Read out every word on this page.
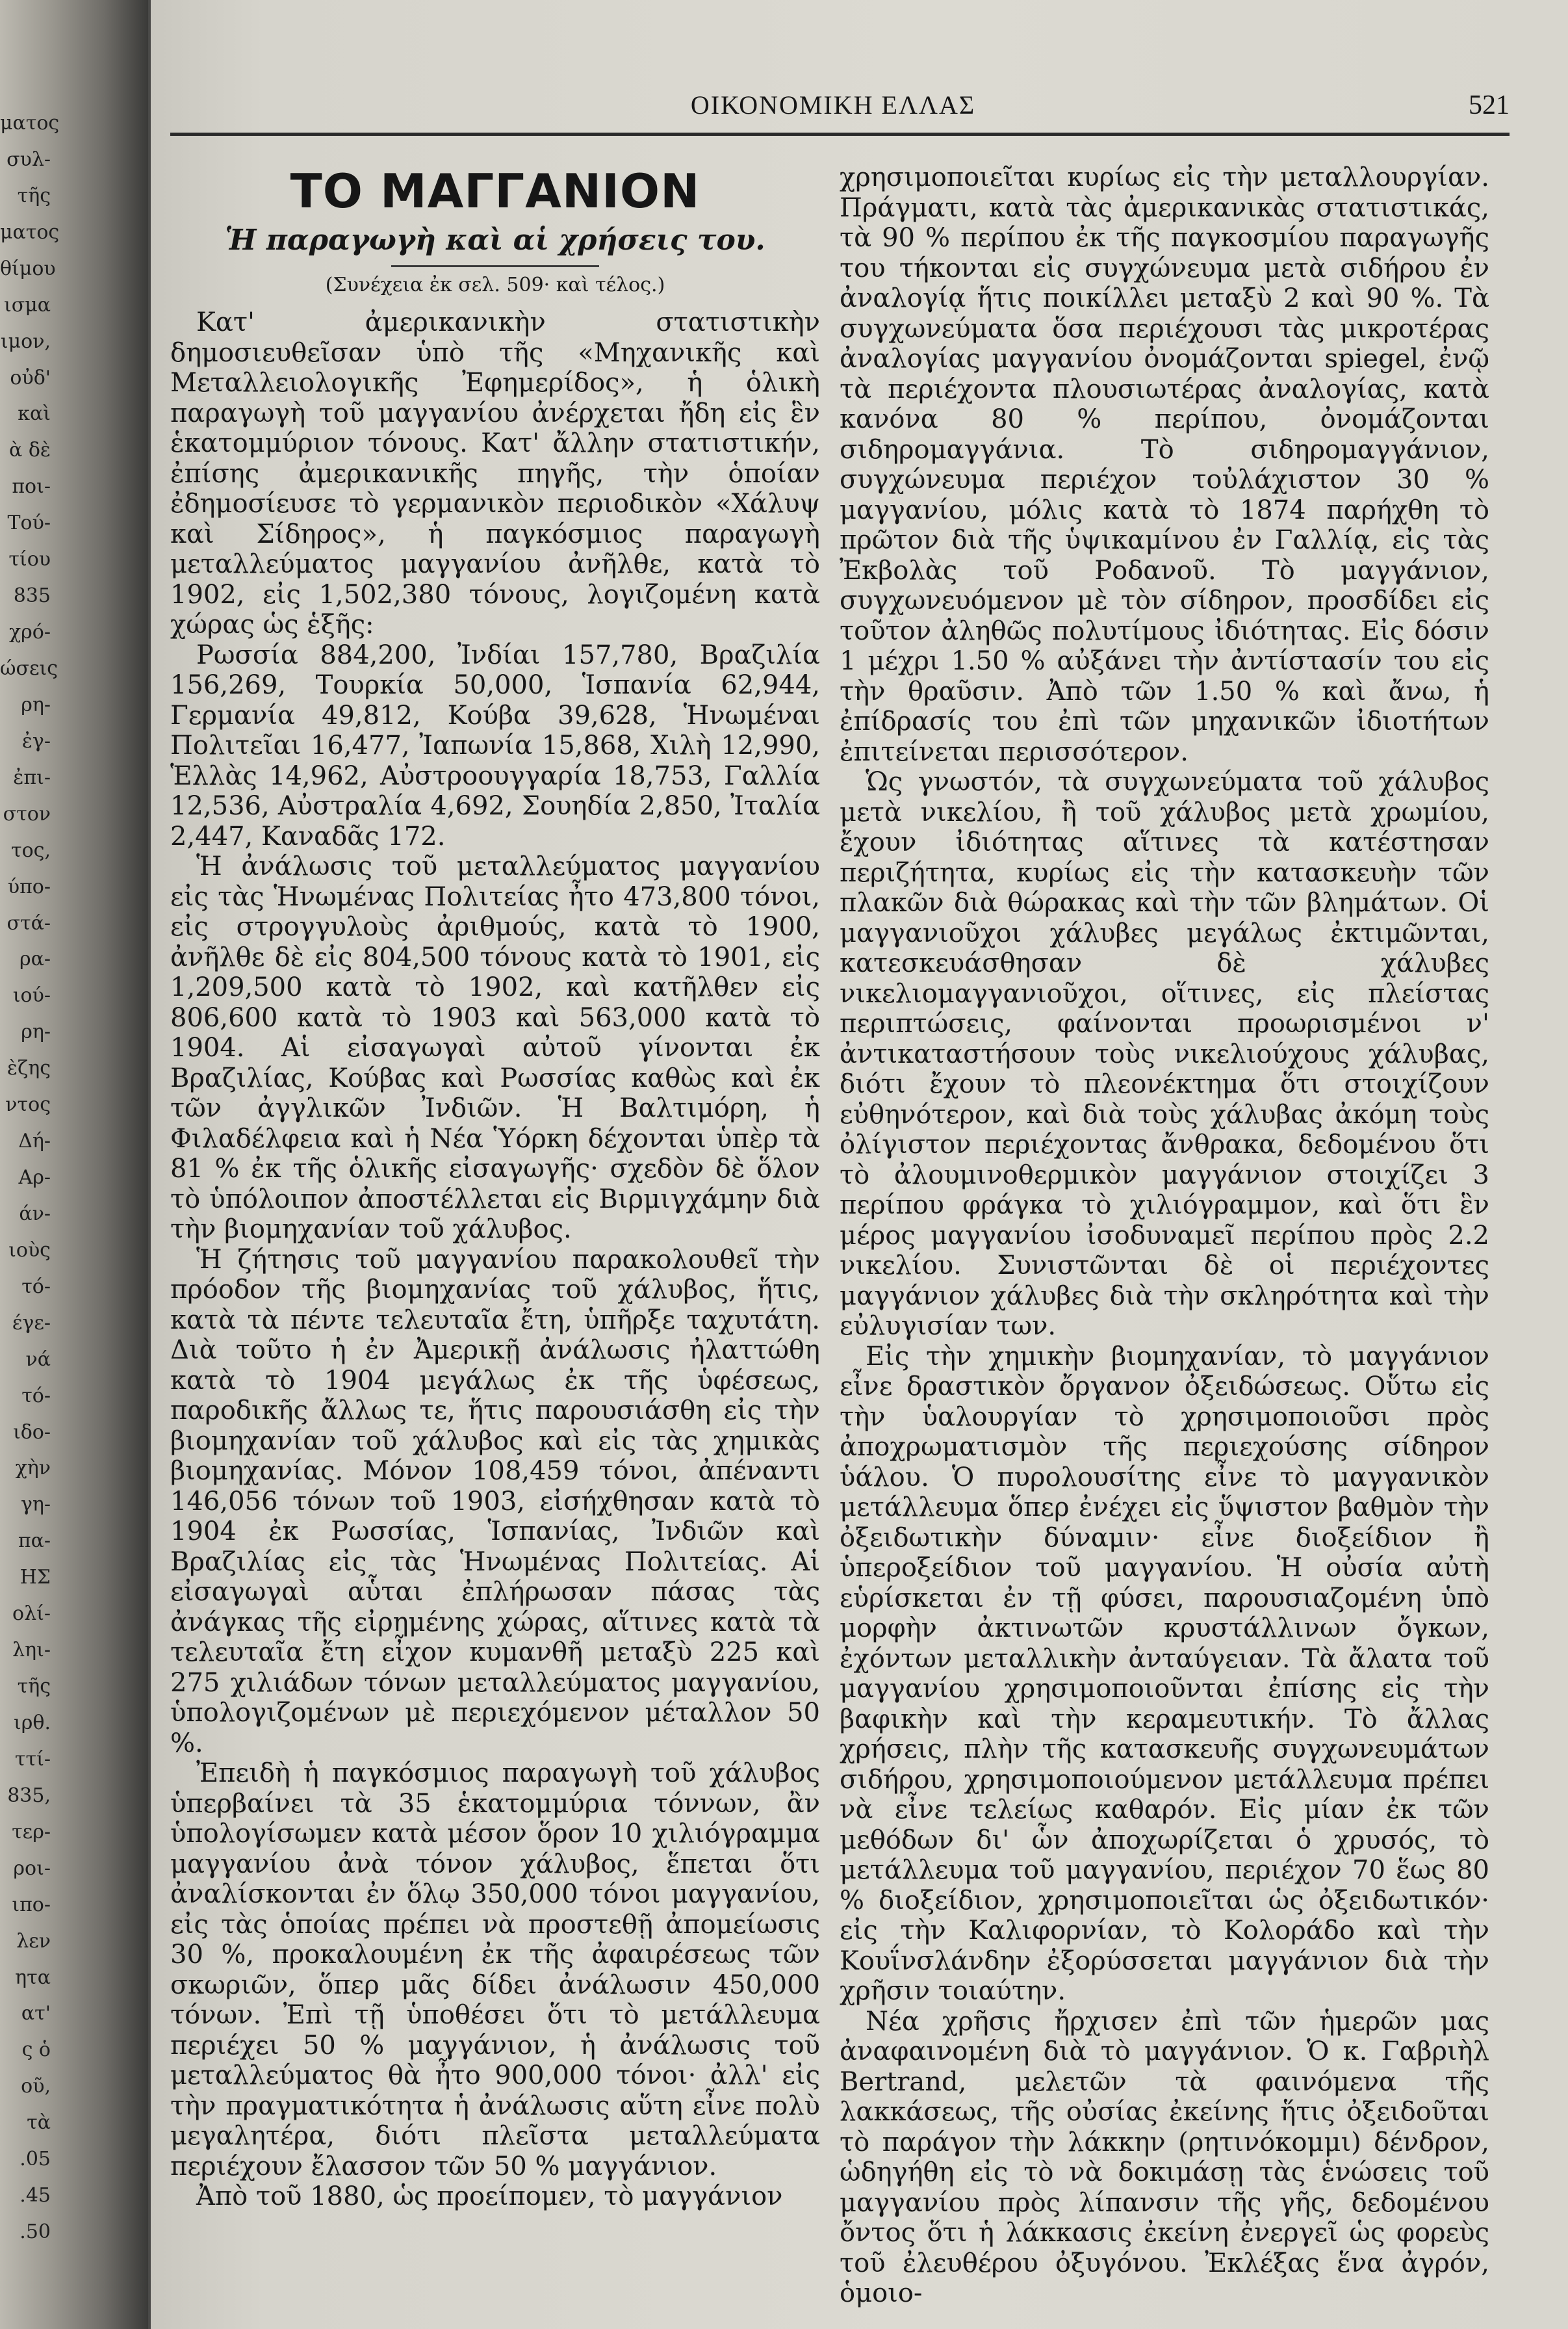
ματος
συλ-
τῆς
ματος
θίμου
ισμα
ιμον,
οὐδ'
καὶ
ὰ δὲ
ποι-
Τού-
τίου
835
χρό-
ώσεις
ρη-
ἐγ-
ἐπι-
στον
τος,
ύπο-
στά-
ρα-
ιού-
ρη-
ὲζης
ντος
Δή-
Αρ-
άν-
ιοὺς
τό-
έγε-
νά
τό-
ιδο-
χὴν
γη-
πα-
ΗΣ
ολί-
ληι-
τῆς
ιρθ.
ττί-
835,
τερ-
ροι-
ιπο-
λεν
ητα
ατ'
ς ὁ
οῦ,
τὰ
.05
.45
.50
ΟΙΚΟΝΟΜΙΚΗ ΕΛΛΑΣ	521
ΤΟ ΜΑΓΓΑΝΙΟΝ
Ἡ παραγωγὴ καὶ αἱ χρήσεις του.

(Συνέχεια ἐκ σελ. 509· καὶ τέλος.)

Κατ' ἀμερικανικὴν στατιστικὴν δημοσιευθεῖσαν ὑπὸ τῆς «Μηχανικῆς καὶ Μεταλλειολογικῆς Ἐφημερίδος», ἡ ὁλικὴ παραγωγὴ τοῦ μαγγανίου ἀνέρχεται ἤδη εἰς ἓν ἑκατομμύριον τόνους. Κατ' ἄλλην στατιστικήν, ἐπίσης ἀμερικανικῆς πηγῆς, τὴν ὁποίαν ἐδημοσίευσε τὸ γερμανικὸν περιοδικὸν «Χάλυψ καὶ Σίδηρος», ἡ παγκόσμιος παραγωγὴ μεταλλεύματος μαγγανίου ἀνῆλθε, κατὰ τὸ 1902, εἰς 1,502,380 τόνους, λογιζομένη κατὰ χώρας ὡς ἑξῆς:

Ρωσσία 884,200, Ἰνδίαι 157,780, Βραζιλία 156,269, Τουρκία 50,000, Ἱσπανία 62,944, Γερμανία 49,812, Κούβα 39,628, Ἡνωμέναι Πολιτεῖαι 16,477, Ἰαπωνία 15,868, Χιλὴ 12,990, Ἑλλὰς 14,962, Αὐστροουγγαρία 18,753, Γαλλία 12,536, Αὐστραλία 4,692, Σουηδία 2,850, Ἰταλία 2,447, Καναδᾶς 172.

Ἡ ἀνάλωσις τοῦ μεταλλεύματος μαγγανίου εἰς τὰς Ἡνωμένας Πολιτείας ἦτο 473,800 τόνοι, εἰς στρογγυλοὺς ἀριθμούς, κατὰ τὸ 1900, ἀνῆλθε δὲ εἰς 804,500 τόνους κατὰ τὸ 1901, εἰς 1,209,500 κατὰ τὸ 1902, καὶ κατῆλθεν εἰς 806,600 κατὰ τὸ 1903 καὶ 563,000 κατὰ τὸ 1904. Αἱ εἰσαγωγαὶ αὐτοῦ γίνονται ἐκ Βραζιλίας, Κούβας καὶ Ρωσσίας καθὼς καὶ ἐκ τῶν ἀγγλικῶν Ἰνδιῶν. Ἡ Βαλτιμόρη, ἡ Φιλαδέλφεια καὶ ἡ Νέα Ὑόρκη δέχονται ὑπὲρ τὰ 81 % ἐκ τῆς ὁλικῆς εἰσαγωγῆς· σχεδὸν δὲ ὅλον τὸ ὑπόλοιπον ἀποστέλλεται εἰς Βιρμιγχάμην διὰ τὴν βιομηχανίαν τοῦ χάλυβος.

Ἡ ζήτησις τοῦ μαγγανίου παρακολουθεῖ τὴν πρόοδον τῆς βιομηχανίας τοῦ χάλυβος, ἥτις, κατὰ τὰ πέντε τελευταῖα ἔτη, ὑπῆρξε ταχυτάτη. Διὰ τοῦτο ἡ ἐν Ἀμερικῇ ἀνάλωσις ἠλαττώθη κατὰ τὸ 1904 μεγάλως ἐκ τῆς ὑφέσεως, παροδικῆς ἄλλως τε, ἥτις παρουσιάσθη εἰς τὴν βιομηχανίαν τοῦ χάλυβος καὶ εἰς τὰς χημικὰς βιομηχανίας. Μόνον 108,459 τόνοι, ἀπέναντι 146,056 τόνων τοῦ 1903, εἰσήχθησαν κατὰ τὸ 1904 ἐκ Ρωσσίας, Ἱσπανίας, Ἰνδιῶν καὶ Βραζιλίας εἰς τὰς Ἡνωμένας Πολιτείας. Αἱ εἰσαγωγαὶ αὗται ἐπλήρωσαν πάσας τὰς ἀνάγκας τῆς εἰρημένης χώρας, αἵτινες κατὰ τὰ τελευταῖα ἔτη εἶχον κυμανθῆ μεταξὺ 225 καὶ 275 χιλιάδων τόνων μεταλλεύματος μαγγανίου, ὑπολογιζομένων μὲ περιεχόμενον μέταλλον 50 %.

Ἐπειδὴ ἡ παγκόσμιος παραγωγὴ τοῦ χάλυβος ὑπερβαίνει τὰ 35 ἑκατομμύρια τόννων, ἂν ὑπολογίσωμεν κατὰ μέσον ὅρον 10 χιλιόγραμμα μαγγανίου ἀνὰ τόνον χάλυβος, ἕπεται ὅτι ἀναλίσκονται ἐν ὅλῳ 350,000 τόνοι μαγγανίου, εἰς τὰς ὁποίας πρέπει νὰ προστεθῇ ἀπομείωσις 30 %, προκαλουμένη ἐκ τῆς ἀφαιρέσεως τῶν σκωριῶν, ὅπερ μᾶς δίδει ἀνάλωσιν 450,000 τόνων. Ἐπὶ τῇ ὑποθέσει ὅτι τὸ μετάλλευμα περιέχει 50 % μαγγάνιον, ἡ ἀνάλωσις τοῦ μεταλλεύματος θὰ ἦτο 900,000 τόνοι· ἀλλ' εἰς τὴν πραγματικότητα ἡ ἀνάλωσις αὕτη εἶνε πολὺ μεγαλητέρα, διότι πλεῖστα μεταλλεύματα περιέχουν ἔλασσον τῶν 50 % μαγγάνιον.

Ἀπὸ τοῦ 1880, ὡς προείπομεν, τὸ μαγγάνιον

χρησιμοποιεῖται κυρίως εἰς τὴν μεταλλουργίαν. Πράγματι, κατὰ τὰς ἀμερικανικὰς στατιστικάς, τὰ 90 % περίπου ἐκ τῆς παγκοσμίου παραγωγῆς του τήκονται εἰς συγχώνευμα μετὰ σιδήρου ἐν ἀναλογίᾳ ἥτις ποικίλλει μεταξὺ 2 καὶ 90 %. Τὰ συγχωνεύματα ὅσα περιέχουσι τὰς μικροτέρας ἀναλογίας μαγγανίου ὀνομάζονται spiegel, ἐνῷ τὰ περιέχοντα πλουσιωτέρας ἀναλογίας, κατὰ κανόνα 80 % περίπου, ὀνομάζονται σιδηρομαγγάνια. Τὸ σιδηρομαγγάνιον, συγχώνευμα περιέχον τοὐλάχιστον 30 % μαγγανίου, μόλις κατὰ τὸ 1874 παρήχθη τὸ πρῶτον διὰ τῆς ὑψικαμίνου ἐν Γαλλίᾳ, εἰς τὰς Ἐκβολὰς τοῦ Ροδανοῦ. Τὸ μαγγάνιον, συγχωνευόμενον μὲ τὸν σίδηρον, προσδίδει εἰς τοῦτον ἀληθῶς πολυτίμους ἰδιότητας. Εἰς δόσιν 1 μέχρι 1.50 % αὐξάνει τὴν ἀντίστασίν του εἰς τὴν θραῦσιν. Ἀπὸ τῶν 1.50 % καὶ ἄνω, ἡ ἐπίδρασίς του ἐπὶ τῶν μηχανικῶν ἰδιοτήτων ἐπιτείνεται περισσότερον.

Ὡς γνωστόν, τὰ συγχωνεύματα τοῦ χάλυβος μετὰ νικελίου, ἢ τοῦ χάλυβος μετὰ χρωμίου, ἔχουν ἰδιότητας αἵτινες τὰ κατέστησαν περιζήτητα, κυρίως εἰς τὴν κατασκευὴν τῶν πλακῶν διὰ θώρακας καὶ τὴν τῶν βλημάτων. Οἱ μαγγανιοῦχοι χάλυβες μεγάλως ἐκτιμῶνται, κατεσκευάσθησαν δὲ χάλυβες νικελιομαγγανιοῦχοι, οἵτινες, εἰς πλείστας περιπτώσεις, φαίνονται προωρισμένοι ν' ἀντικαταστήσουν τοὺς νικελιούχους χάλυβας, διότι ἔχουν τὸ πλεονέκτημα ὅτι στοιχίζουν εὐθηνότερον, καὶ διὰ τοὺς χάλυβας ἀκόμη τοὺς ὀλίγιστον περιέχοντας ἄνθρακα, δεδομένου ὅτι τὸ ἀλουμινοθερμικὸν μαγγάνιον στοιχίζει 3 περίπου φράγκα τὸ χιλιόγραμμον, καὶ ὅτι ἓν μέρος μαγγανίου ἰσοδυναμεῖ περίπου πρὸς 2.2 νικελίου. Συνιστῶνται δὲ οἱ περιέχοντες μαγγάνιον χάλυβες διὰ τὴν σκληρότητα καὶ τὴν εὐλυγισίαν των.

Εἰς τὴν χημικὴν βιομηχανίαν, τὸ μαγγάνιον εἶνε δραστικὸν ὄργανον ὀξειδώσεως. Οὕτω εἰς τὴν ὑαλουργίαν τὸ χρησιμοποιοῦσι πρὸς ἀποχρωματισμὸν τῆς περιεχούσης σίδηρον ὑάλου. Ὁ πυρολουσίτης εἶνε τὸ μαγγανικὸν μετάλλευμα ὅπερ ἐνέχει εἰς ὕψιστον βαθμὸν τὴν ὀξειδωτικὴν δύναμιν· εἶνε διοξείδιον ἢ ὑπεροξείδιον τοῦ μαγγανίου. Ἡ οὐσία αὐτὴ εὑρίσκεται ἐν τῇ φύσει, παρουσιαζομένη ὑπὸ μορφὴν ἀκτινωτῶν κρυστάλλινων ὄγκων, ἐχόντων μεταλλικὴν ἀνταύγειαν. Τὰ ἄλατα τοῦ μαγγανίου χρησιμοποιοῦνται ἐπίσης εἰς τὴν βαφικὴν καὶ τὴν κεραμευτικήν. Τὸ ἄλλας χρήσεις, πλὴν τῆς κατασκευῆς συγχωνευμάτων σιδήρου, χρησιμοποιούμενον μετάλλευμα πρέπει νὰ εἶνε τελείως καθαρόν. Εἰς μίαν ἐκ τῶν μεθόδων δι' ὧν ἀποχωρίζεται ὁ χρυσός, τὸ μετάλλευμα τοῦ μαγγανίου, περιέχον 70 ἕως 80 % διοξείδιον, χρησιμοποιεῖται ὡς ὀξειδωτικόν· εἰς τὴν Καλιφορνίαν, τὸ Κολοράδο καὶ τὴν Κουΐνσλάνδην ἐξορύσσεται μαγγάνιον διὰ τὴν χρῆσιν τοιαύτην.

Νέα χρῆσις ἤρχισεν ἐπὶ τῶν ἡμερῶν μας ἀναφαινομένη διὰ τὸ μαγγάνιον. Ὁ κ. Γαβριὴλ Bertrand, μελετῶν τὰ φαινόμενα τῆς λακκάσεως, τῆς οὐσίας ἐκείνης ἥτις ὀξειδοῦται τὸ παράγον τὴν λάκκην (ρητινόκομμι) δένδρον, ὡδηγήθη εἰς τὸ νὰ δοκιμάσῃ τὰς ἑνώσεις τοῦ μαγγανίου πρὸς λίπανσιν τῆς γῆς, δεδομένου ὄντος ὅτι ἡ λάκκασις ἐκείνη ἐνεργεῖ ὡς φορεὺς τοῦ ἐλευθέρου ὀξυγόνου. Ἐκλέξας ἕνα ἀγρόν, ὁμοιο-
